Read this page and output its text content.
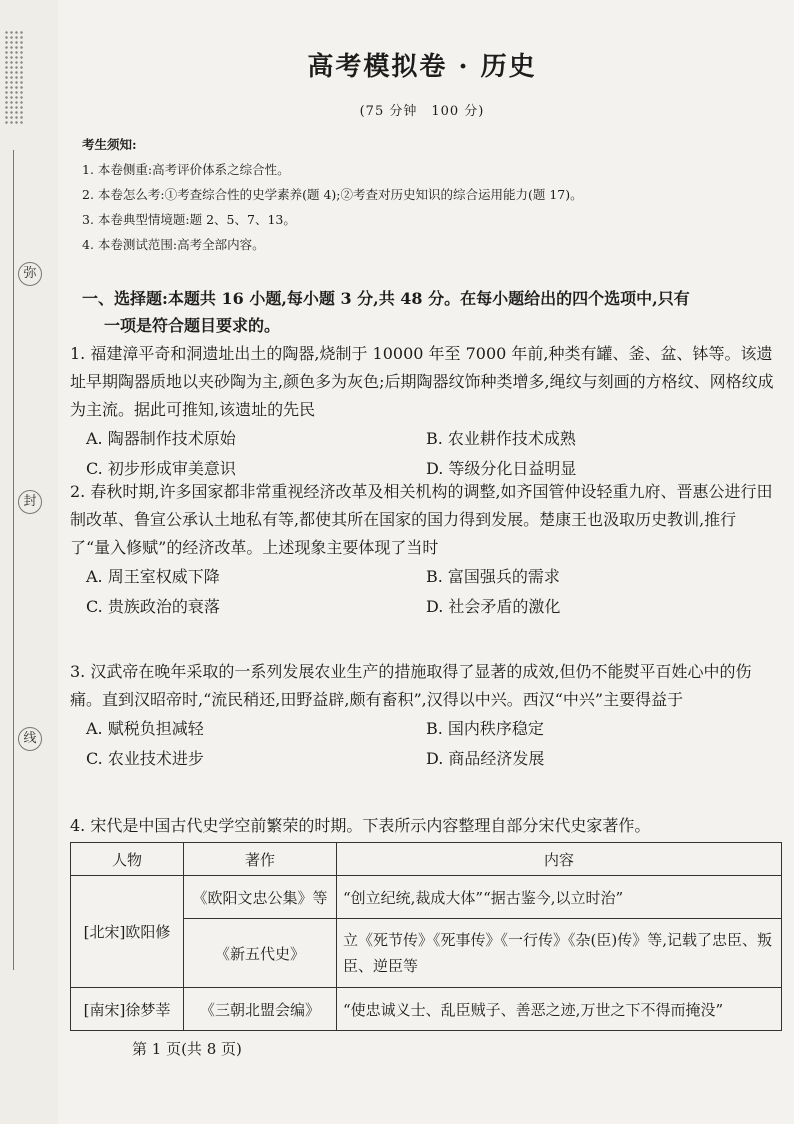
弥
封
线
高考模拟卷 · 历史
(75 分钟　100 分)
考生须知:
1. 本卷侧重:高考评价体系之综合性。
2. 本卷怎么考:①考查综合性的史学素养(题 4);②考查对历史知识的综合运用能力(题 17)。
3. 本卷典型情境题:题 2、5、7、13。
4. 本卷测试范围:高考全部内容。
一、选择题:本题共 16 小题,每小题 3 分,共 48 分。在每小题给出的四个选项中,只有
一项是符合题目要求的。
1. 福建漳平奇和洞遗址出土的陶器,烧制于 10000 年至 7000 年前,种类有罐、釜、盆、钵等。该遗址早期陶器质地以夹砂陶为主,颜色多为灰色;后期陶器纹饰种类增多,绳纹与刻画的方格纹、网格纹成为主流。据此可推知,该遗址的先民
A. 陶器制作技术原始	B. 农业耕作技术成熟
C. 初步形成审美意识	D. 等级分化日益明显
2. 春秋时期,许多国家都非常重视经济改革及相关机构的调整,如齐国管仲设轻重九府、晋惠公进行田制改革、鲁宣公承认土地私有等,都使其所在国家的国力得到发展。楚康王也汲取历史教训,推行了“量入修赋”的经济改革。上述现象主要体现了当时
A. 周王室权威下降	B. 富国强兵的需求
C. 贵族政治的衰落	D. 社会矛盾的激化
3. 汉武帝在晚年采取的一系列发展农业生产的措施取得了显著的成效,但仍不能熨平百姓心中的伤痛。直到汉昭帝时,“流民稍还,田野益辟,颇有畜积”,汉得以中兴。西汉“中兴”主要得益于
A. 赋税负担减轻	B. 国内秩序稳定
C. 农业技术进步	D. 商品经济发展
4. 宋代是中国古代史学空前繁荣的时期。下表所示内容整理自部分宋代史家著作。
人物	著作	内容
[北宋]欧阳修	《欧阳文忠公集》等	“创立纪统,裁成大体”“据古鉴今,以立时治”
	《新五代史》	立《死节传》《死事传》《一行传》《杂(臣)传》等,记载了忠臣、叛臣、逆臣等
[南宋]徐梦莘	《三朝北盟会编》	“使忠诚义士、乱臣贼子、善恶之迹,万世之下不得而掩没”
第 1 页(共 8 页)
